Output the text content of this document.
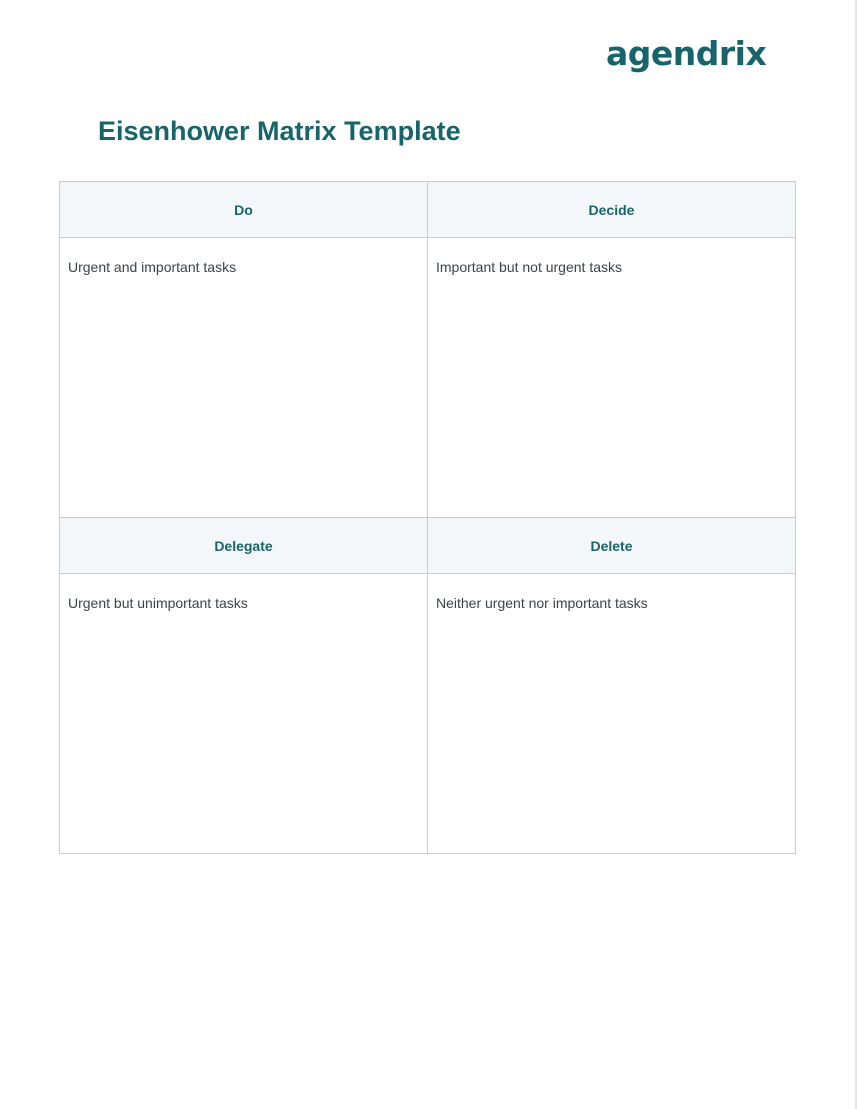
agendrix
Eisenhower Matrix Template
Do	Decide

Urgent and important tasks	Important but not urgent tasks

Delegate	Delete

Urgent but unimportant tasks	Neither urgent nor important tasks
